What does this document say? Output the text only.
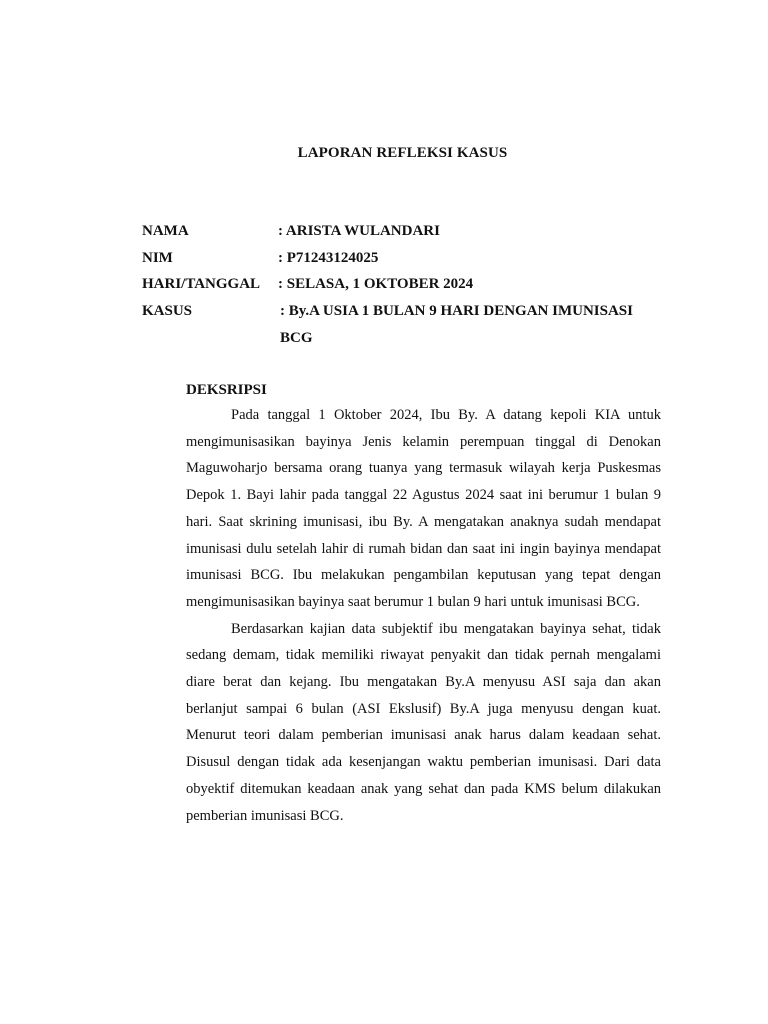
LAPORAN REFLEKSI KASUS
NAMA	: ARISTA WULANDARI
NIM	: P71243124025
HARI/TANGGAL	: SELASA, 1 OKTOBER 2024
KASUS	: By.A USIA 1 BULAN 9 HARI DENGAN IMUNISASI BCG

DEKSRIPSI

Pada tanggal 1 Oktober 2024, Ibu By. A datang kepoli KIA untuk mengimunisasikan bayinya Jenis kelamin perempuan tinggal di Denokan Maguwoharjo bersama orang tuanya yang termasuk wilayah kerja Puskesmas Depok 1. Bayi lahir pada tanggal 22 Agustus 2024 saat ini berumur 1 bulan 9 hari. Saat skrining imunisasi, ibu By. A mengatakan anaknya sudah mendapat imunisasi dulu setelah lahir di rumah bidan dan saat ini ingin bayinya mendapat imunisasi BCG. Ibu melakukan pengambilan keputusan yang tepat dengan mengimunisasikan bayinya saat berumur 1 bulan 9 hari untuk imunisasi BCG.

Berdasarkan kajian data subjektif ibu mengatakan bayinya sehat, tidak sedang demam, tidak memiliki riwayat penyakit dan tidak pernah mengalami diare berat dan kejang. Ibu mengatakan By.A menyusu ASI saja dan akan berlanjut sampai 6 bulan (ASI Ekslusif) By.A juga menyusu dengan kuat. Menurut teori dalam pemberian imunisasi anak harus dalam keadaan sehat. Disusul dengan tidak ada kesenjangan waktu pemberian imunisasi. Dari data obyektif ditemukan keadaan anak yang sehat dan pada KMS belum dilakukan pemberian imunisasi BCG.
